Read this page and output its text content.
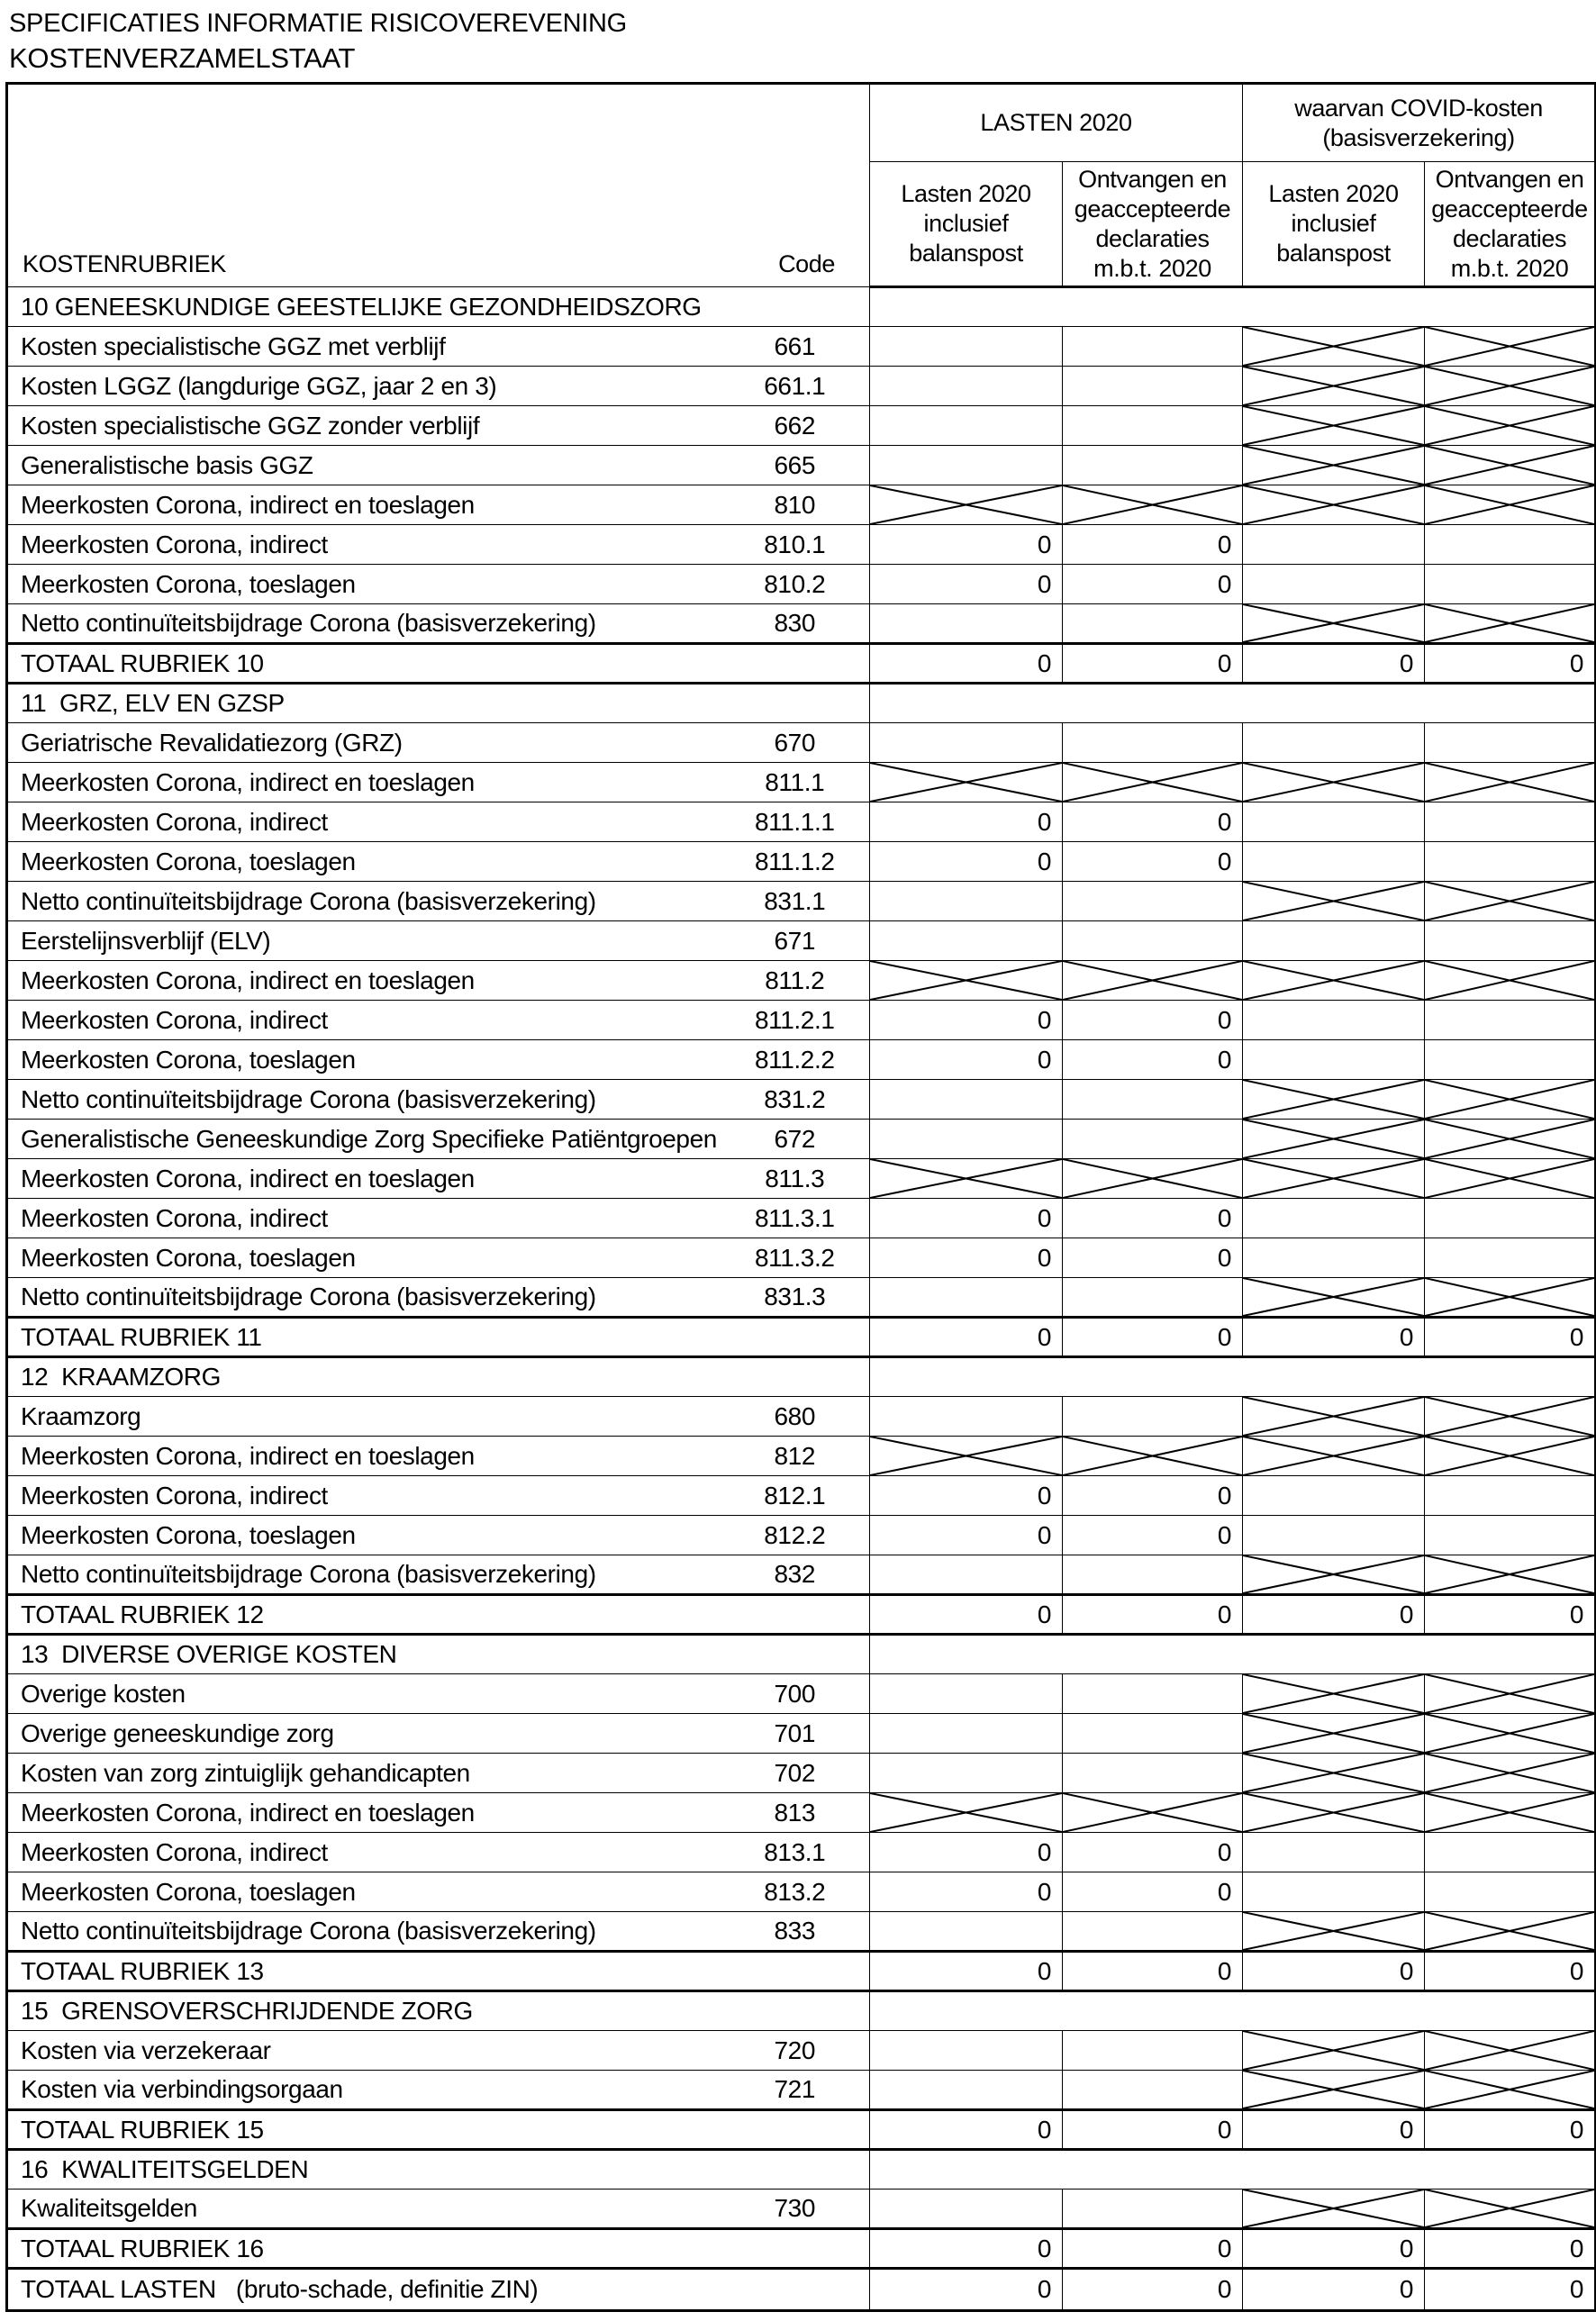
SPECIFICATIES INFORMATIE RISICOVEREVENING
KOSTENVERZAMELSTAAT
KOSTENRUBRIEK Code		LASTEN 2020		waarvan COVID-kosten (basisverzekering)	
		Lasten 2020 inclusief balanspost	Ontvangen en geaccepteerde declaraties m.b.t. 2020	Lasten 2020 inclusief balanspost	Ontvangen en geaccepteerde declaraties m.b.t. 2020
10 GENEESKUNDIGE GEESTELIJKE GEZONDHEIDSZORG					
Kosten specialistische GGZ met verblijf	661			

Kosten LGGZ (langdurige GGZ, jaar 2 en 3)	661.1			

Kosten specialistische GGZ zonder verblijf	662			

Generalistische basis GGZ	665			

Meerkosten Corona, indirect en toeslagen	810	

Meerkosten Corona, indirect	810.1	0	0		
Meerkosten Corona, toeslagen	810.2	0	0		
Netto continuïteitsbijdrage Corona (basisverzekering)	830			

TOTAAL RUBRIEK 10		0	0	0	0
11  GRZ, ELV EN GZSP					
Geriatrische Revalidatiezorg (GRZ)	670				
Meerkosten Corona, indirect en toeslagen	811.1	

Meerkosten Corona, indirect	811.1.1	0	0		
Meerkosten Corona, toeslagen	811.1.2	0	0		
Netto continuïteitsbijdrage Corona (basisverzekering)	831.1			

Eerstelijnsverblijf (ELV)	671				
Meerkosten Corona, indirect en toeslagen	811.2	

Meerkosten Corona, indirect	811.2.1	0	0		
Meerkosten Corona, toeslagen	811.2.2	0	0		
Netto continuïteitsbijdrage Corona (basisverzekering)	831.2			

Generalistische Geneeskundige Zorg Specifieke Patiëntgroepen	672			

Meerkosten Corona, indirect en toeslagen	811.3	

Meerkosten Corona, indirect	811.3.1	0	0		
Meerkosten Corona, toeslagen	811.3.2	0	0		
Netto continuïteitsbijdrage Corona (basisverzekering)	831.3			

TOTAAL RUBRIEK 11		0	0	0	0
12  KRAAMZORG					
Kraamzorg	680			

Meerkosten Corona, indirect en toeslagen	812	

Meerkosten Corona, indirect	812.1	0	0		
Meerkosten Corona, toeslagen	812.2	0	0		
Netto continuïteitsbijdrage Corona (basisverzekering)	832			

TOTAAL RUBRIEK 12		0	0	0	0
13  DIVERSE OVERIGE KOSTEN					
Overige kosten	700			

Overige geneeskundige zorg	701			

Kosten van zorg zintuiglijk gehandicapten	702			

Meerkosten Corona, indirect en toeslagen	813	

Meerkosten Corona, indirect	813.1	0	0		
Meerkosten Corona, toeslagen	813.2	0	0		
Netto continuïteitsbijdrage Corona (basisverzekering)	833			

TOTAAL RUBRIEK 13		0	0	0	0
15  GRENSOVERSCHRIJDENDE ZORG					
Kosten via verzekeraar	720			

Kosten via verbindingsorgaan	721			

TOTAAL RUBRIEK 15		0	0	0	0
16  KWALITEITSGELDEN					
Kwaliteitsgelden	730			

TOTAAL RUBRIEK 16		0	0	0	0
TOTAAL LASTEN   (bruto-schade, definitie ZIN)		0	0	0	0
